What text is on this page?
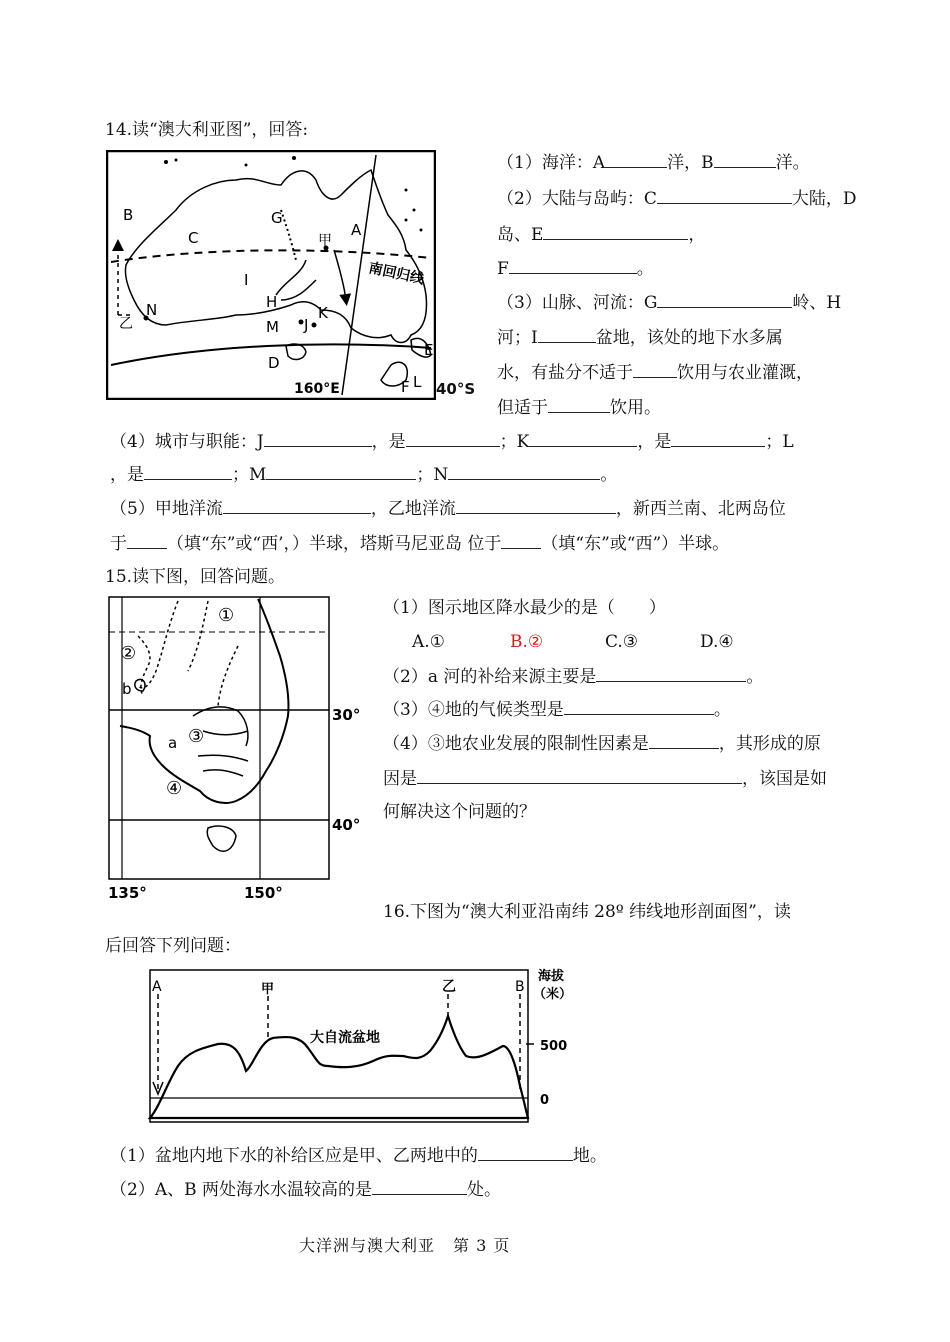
14.读“澳大利亚图”，回答:
B
C
G
甲
A
I
H
N
乙	M J
K
D
E
F L
南回归线
160°E	40°S
（1）海洋：A	洋，B	洋。
（2）大陆与岛屿：C	大陆，D
岛、E	，
F	。
（3）山脉、河流：G	岭、H
河；I	盆地，该处的地下水多属
水，有盐分不适于	饮用与农业灌溉，
但适于	饮用。
（4）城市与职能：J	，是	；K	，是	；L
，是	；M	；N	。
（5）甲地洋流	，乙地洋流	，新西兰南、北两岛位
于 （填“东”或“西’，）半球，塔斯马尼亚岛 位于 （填“东”或“西”）半球。
15.读下图，回答问题。
①
②
③
④
a
b
30°
40°
135°	150°
（1）图示地区降水最少的是（　　）
A.①	B.②	C.③	D.④
（2）a 河的补给来源主要是	。
（3）④地的气候类型是	。
（4）③地农业发展的限制性因素是	，其形成的原
因是	，该国是如
何解决这个问题的？
16.下图为“澳大利亚沿南纬 28º 纬线地形剖面图”，读
后回答下列问题：
A	甲	乙	B
大自流盆地
海拔
（米）
500
0
（1）盆地内地下水的补给区应是甲、乙两地中的	地。
（2）A、B 两处海水水温较高的是	处。
大洋洲与澳大利亚 第 3 页
